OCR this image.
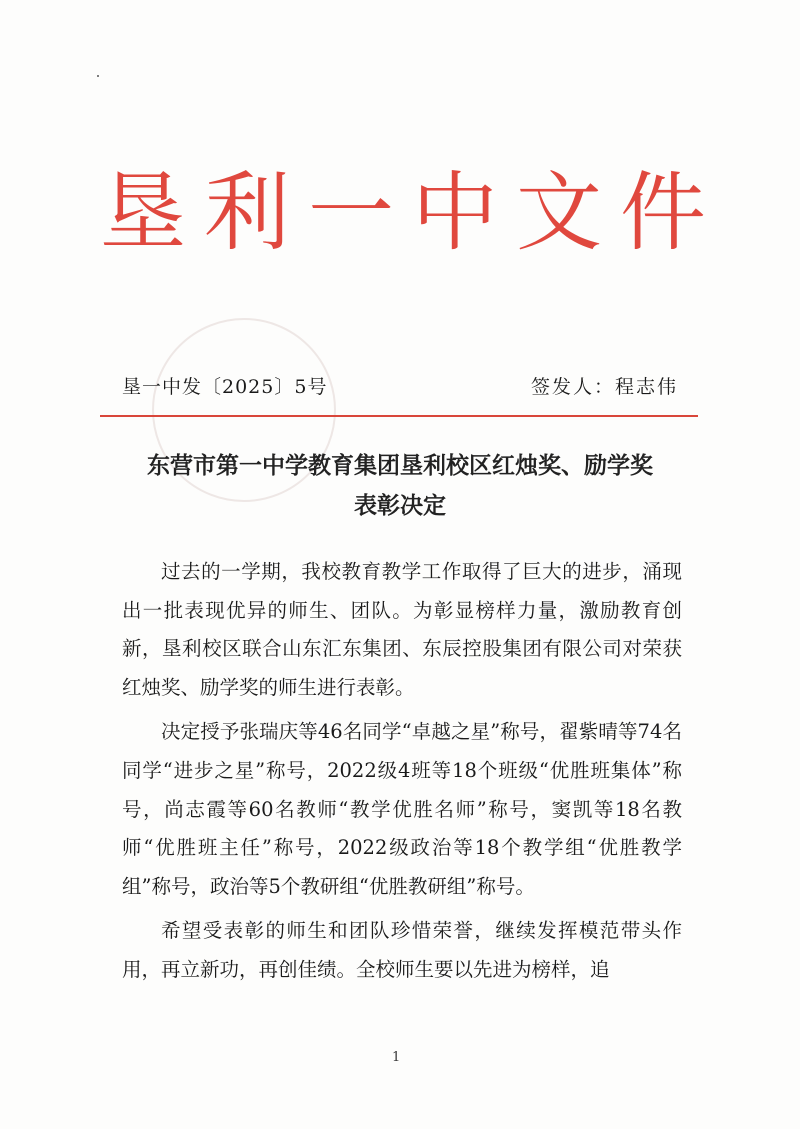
垦利一中文件
垦一中发〔2025〕5号	签发人：程志伟
东营市第一中学教育集团垦利校区红烛奖、励学奖
表彰决定

过去的一学期，我校教育教学工作取得了巨大的进步，涌现出一批表现优异的师生、团队。为彰显榜样力量，激励教育创新，垦利校区联合山东汇东集团、东辰控股集团有限公司对荣获红烛奖、励学奖的师生进行表彰。

决定授予张瑞庆等46名同学“卓越之星”称号，翟紫晴等74名同学“进步之星”称号，2022级4班等18个班级“优胜班集体”称号，尚志霞等60名教师“教学优胜名师”称号，窦凯等18名教师“优胜班主任”称号，2022级政治等18个教学组“优胜教学组”称号，政治等5个教研组“优胜教研组”称号。

希望受表彰的师生和团队珍惜荣誉，继续发挥模范带头作用，再立新功，再创佳绩。全校师生要以先进为榜样，追

1
